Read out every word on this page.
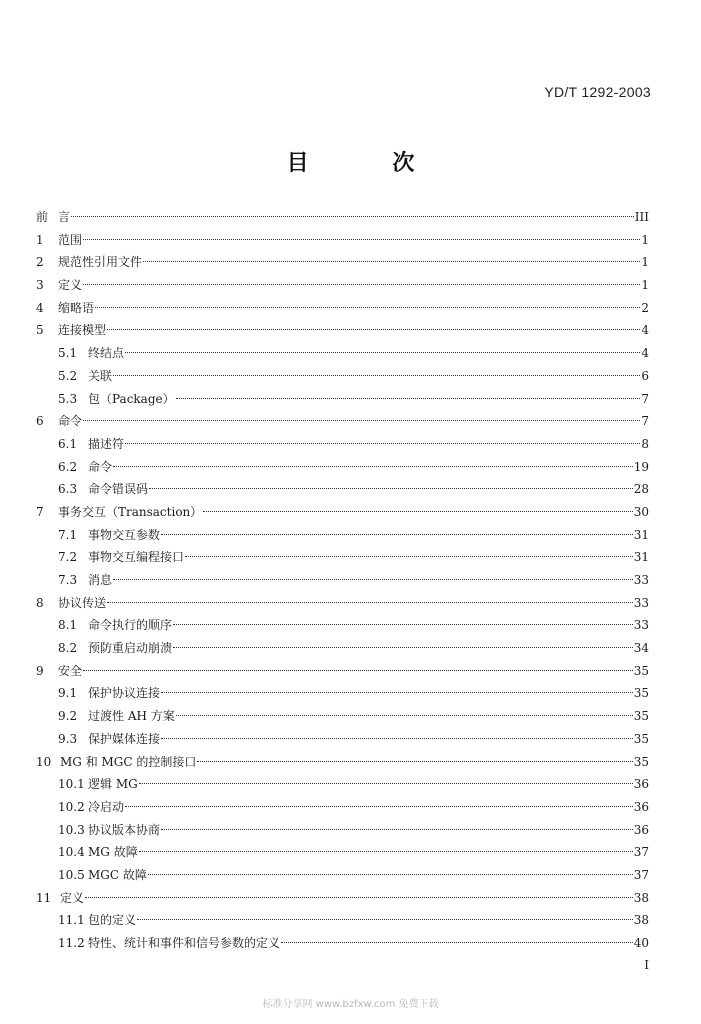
YD/T 1292-2003
目 次
前 言	III
1	范围	1
2	规范性引用文件	1
3	定义	1
4	缩略语	2
5	连接模型	4
5.1 终结点	4
5.2 关联	6
5.3 包（Package）	7
6	命令	7
6.1 描述符	8
6.2 命令	19
6.3 命令错误码	28
7	事务交互（Transaction）	30
7.1 事物交互参数	31
7.2 事物交互编程接口	31
7.3 消息	33
8	协议传送	33
8.1 命令执行的顺序	33
8.2 预防重启动崩溃	34
9	安全	35
9.1 保护协议连接	35
9.2 过渡性 AH 方案	35
9.3 保护媒体连接	35
10 MG 和 MGC 的控制接口	35
10.1 逻辑 MG	36
10.2 冷启动	36
10.3 协议版本协商	36
10.4 MG 故障	37
10.5 MGC 故障	37
11 定义	38
11.1 包的定义	38
11.2 特性、统计和事件和信号参数的定义	40
I
标准分享网 www.bzfxw.com 免费下载
